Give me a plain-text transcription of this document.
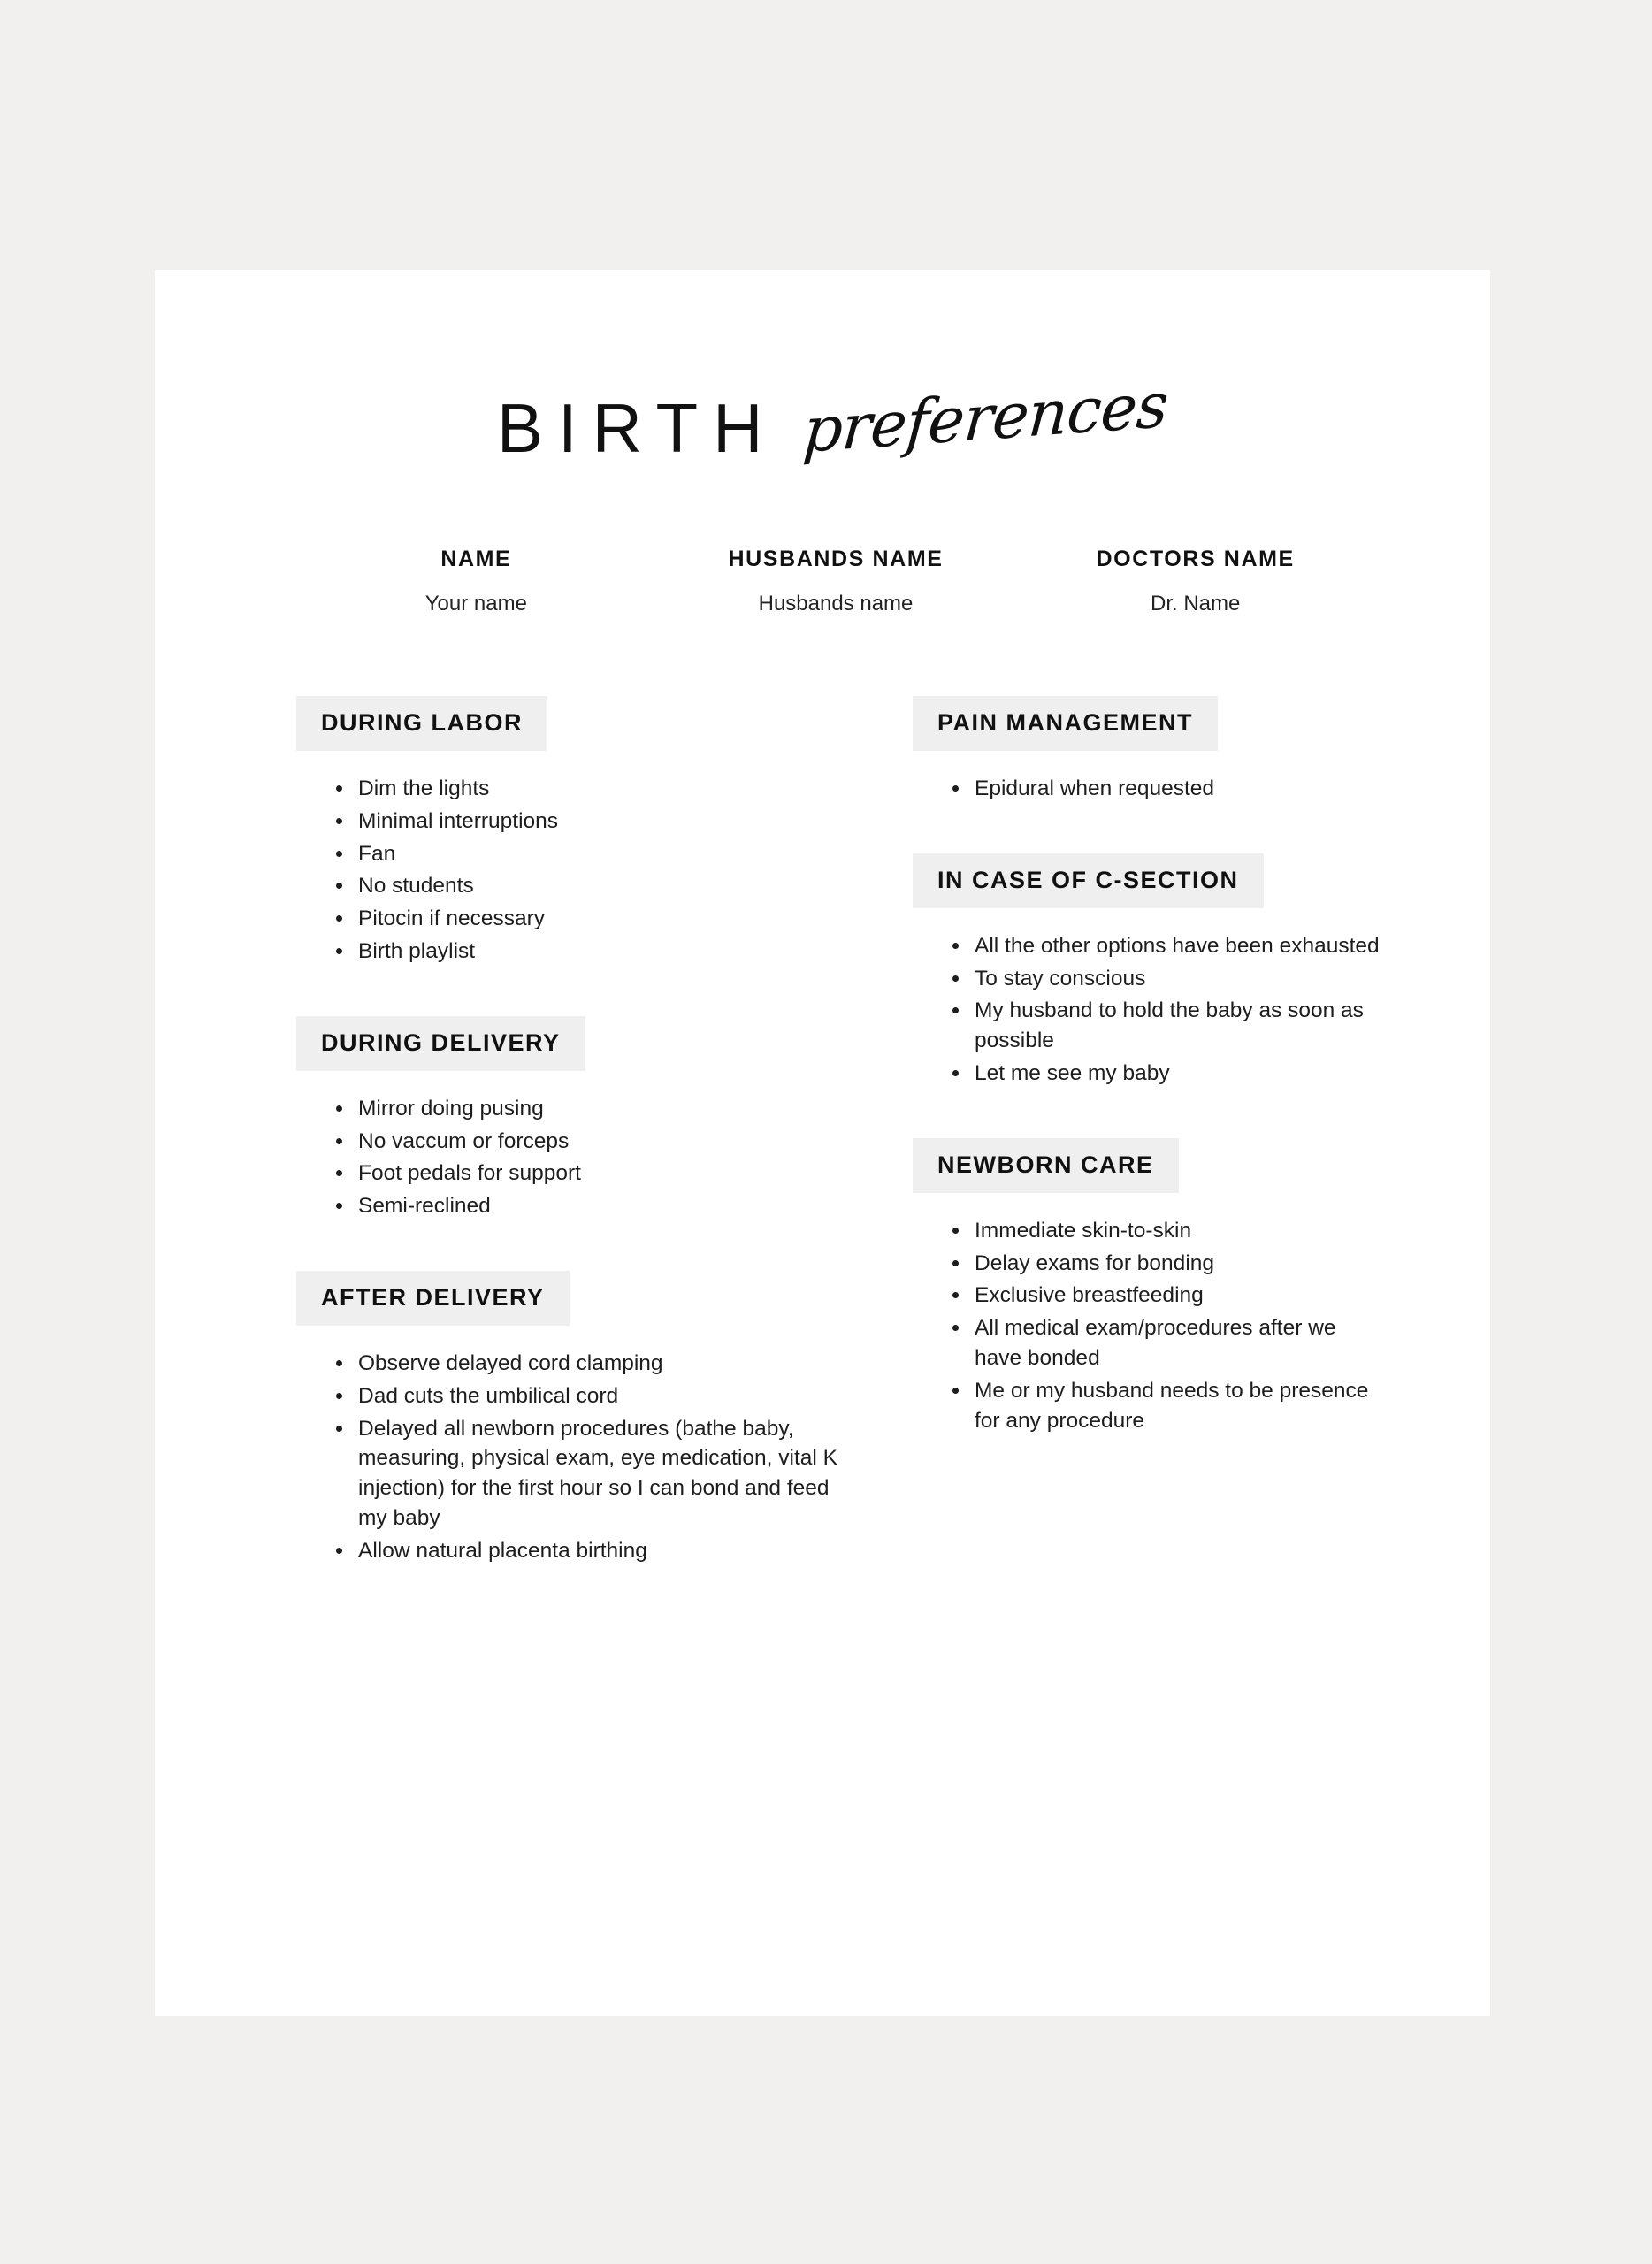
BIRTH preferences
NAME
Your name
HUSBANDS NAME
Husbands name
DOCTORS NAME
Dr. Name
DURING LABOR
• Dim the lights
• Minimal interruptions
• Fan
• No students
• Pitocin if necessary
• Birth playlist
DURING DELIVERY
• Mirror doing pusing
• No vaccum or forceps
• Foot pedals for support
• Semi-reclined
AFTER DELIVERY
• Observe delayed cord clamping
• Dad cuts the umbilical cord
• Delayed all newborn procedures (bathe baby, measuring, physical exam, eye medication, vital K injection) for the first hour so I can bond and feed my baby
• Allow natural placenta birthing
PAIN MANAGEMENT
• Epidural when requested
IN CASE OF C-SECTION
• All the other options have been exhausted
• To stay conscious
• My husband to hold the baby as soon as possible
• Let me see my baby
NEWBORN CARE
• Immediate skin-to-skin
• Delay exams for bonding
• Exclusive breastfeeding
• All medical exam/procedures after we have bonded
• Me or my husband needs to be presence for any procedure
